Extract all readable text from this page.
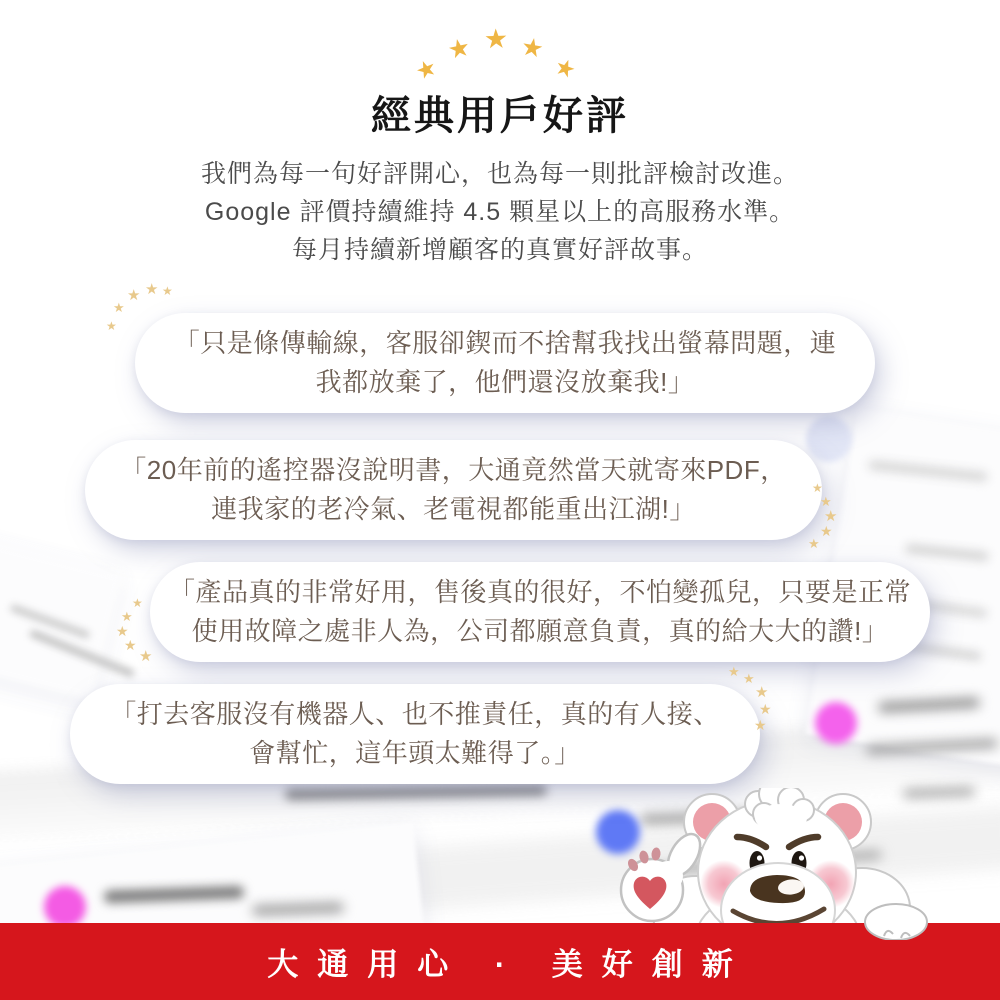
★
★ ★ ★
★
經典用戶好評

我們為每一句好評開心，也為每一則批評檢討改進。
Google 評價持續維持 4.5 顆星以上的高服務水準。
每月持續新增顧客的真實好評故事。

「只是條傳輸線，客服卻鍥而不捨幫我找出螢幕問題，連
我都放棄了，他們還沒放棄我!」
「20年前的遙控器沒說明書，大通竟然當天就寄來PDF，
連我家的老冷氣、老電視都能重出江湖!」
「產品真的非常好用，售後真的很好，不怕變孤兒，只要是正常
使用故障之處非人為，公司都願意負責，真的給大大的讚!」
「打去客服沒有機器人、也不推責任，真的有人接、
會幫忙，這年頭太難得了。」
★
★
★ ★ ★
★
★
★
★
★
★
★
★
★
★
★ ★
★
★
★
大通用心 · 美好創新
